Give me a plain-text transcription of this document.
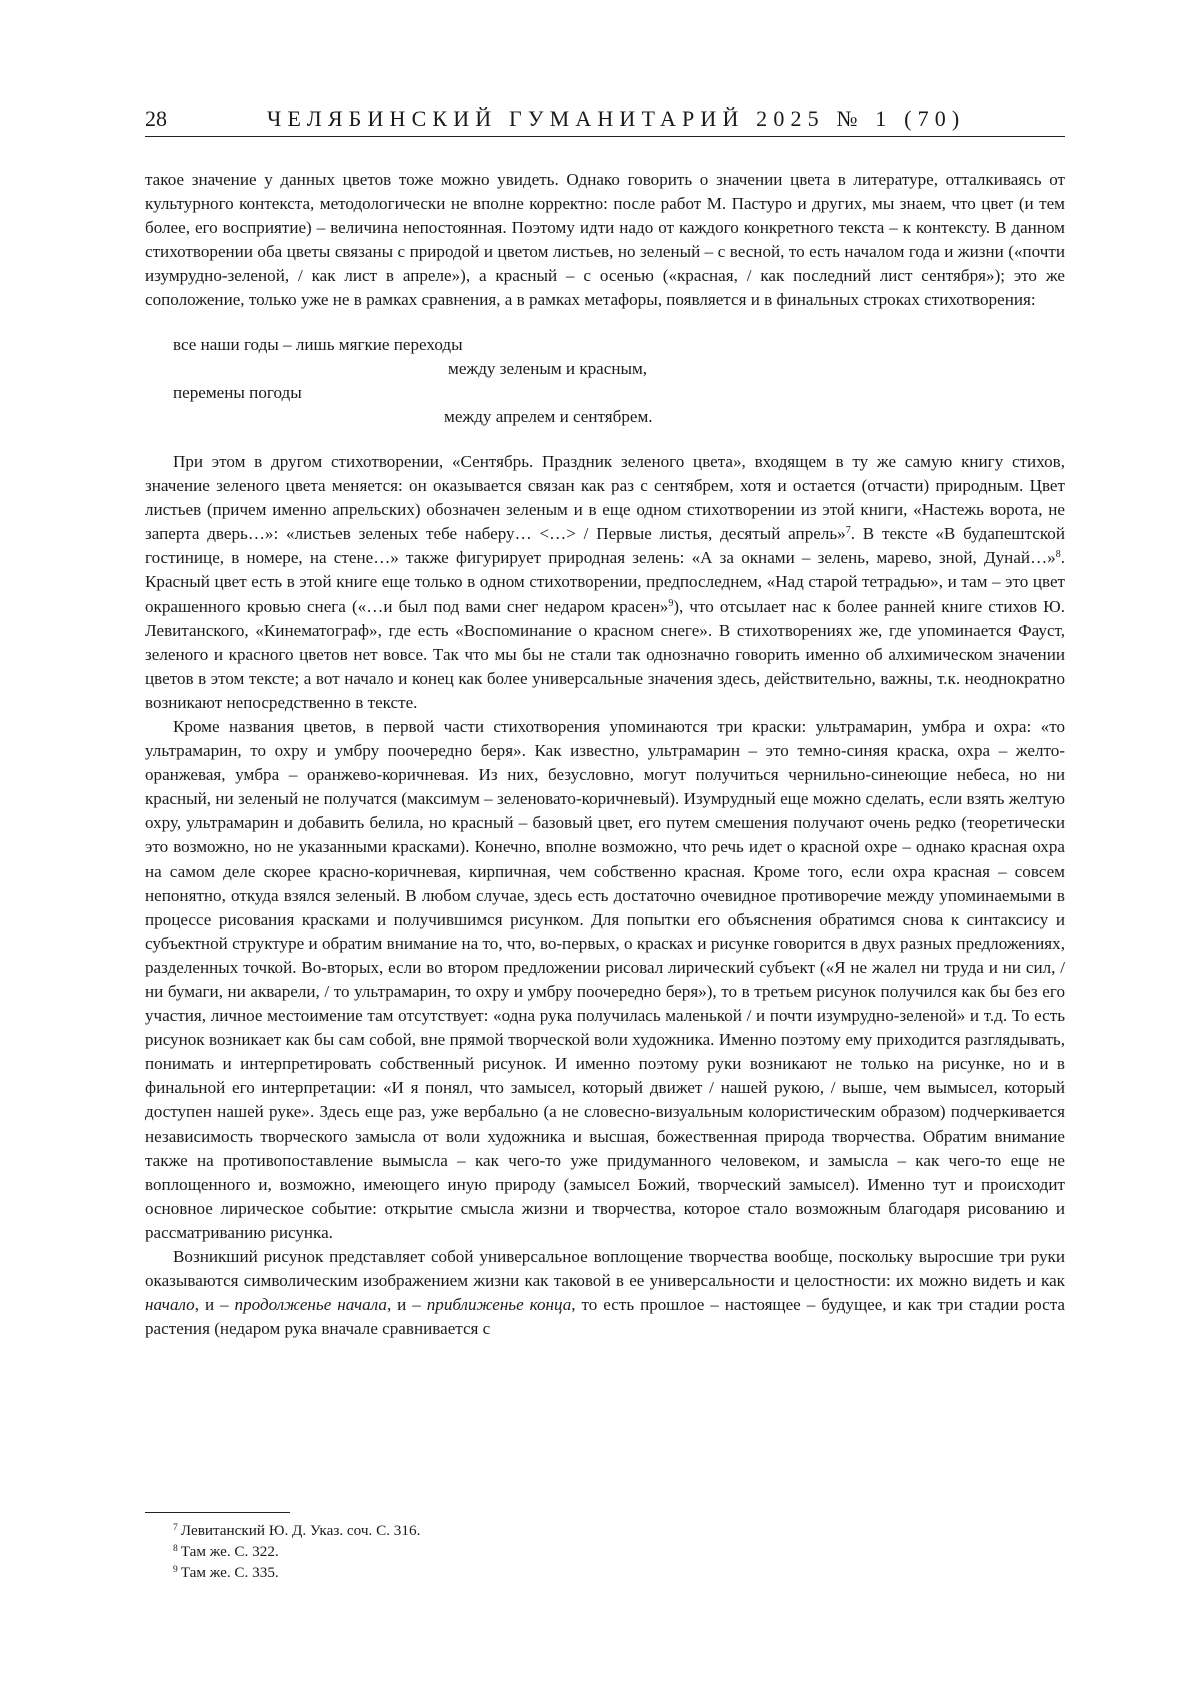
28	ЧЕЛЯБИНСКИЙ ГУМАНИТАРИЙ 2025 № 1 (70)

такое значение у данных цветов тоже можно увидеть. Однако говорить о значении цвета в литературе, отталкиваясь от культурного контекста, методологически не вполне корректно: после работ М. Пастуро и других, мы знаем, что цвет (и тем более, его восприятие) – величина непостоянная. Поэтому идти надо от каждого конкретного текста – к контексту. В данном стихотворении оба цветы связаны с природой и цветом листьев, но зеленый – с весной, то есть началом года и жизни («почти изумрудно-зеленой, / как лист в апреле»), а красный – с осенью («красная, / как последний лист сентября»); это же соположение, только уже не в рамках сравнения, а в рамках метафоры, появляется и в финальных строках стихотворения:

все наши годы – лишь мягкие переходы
между зеленым и красным,
перемены погоды
между апрелем и сентябрем.

При этом в другом стихотворении, «Сентябрь. Праздник зеленого цвета», входящем в ту же самую книгу стихов, значение зеленого цвета меняется: он оказывается связан как раз с сентябрем, хотя и остается (отчасти) природным. Цвет листьев (причем именно апрельских) обозначен зеленым и в еще одном стихотворении из этой книги, «Настежь ворота, не заперта дверь…»: «листьев зеленых тебе наберу… <…> / Первые листья, десятый апрель»$^7$. В тексте «В будапештской гостинице, в номере, на стене…» также фигурирует природная зелень: «А за окнами – зелень, марево, зной, Дунай…»$^8$. Красный цвет есть в этой книге еще только в одном стихотворении, предпоследнем, «Над старой тетрадью», и там – это цвет окрашенного кровью снега («…и был под вами снег недаром красен»$^9$), что отсылает нас к более ранней книге стихов Ю. Левитанского, «Кинематограф», где есть «Воспоминание о красном снеге». В стихотворениях же, где упоминается Фауст, зеленого и красного цветов нет вовсе. Так что мы бы не стали так однозначно говорить именно об алхимическом значении цветов в этом тексте; а вот начало и конец как более универсальные значения здесь, действительно, важны, т.к. неоднократно возникают непосредственно в тексте.

Кроме названия цветов, в первой части стихотворения упоминаются три краски: ультрамарин, умбра и охра: «то ультрамарин, то охру и умбру поочередно беря». Как известно, ультрамарин – это темно-синяя краска, охра – желто-оранжевая, умбра – оранжево-коричневая. Из них, безусловно, могут получиться чернильно-синеющие небеса, но ни красный, ни зеленый не получатся (максимум – зеленовато-коричневый). Изумрудный еще можно сделать, если взять желтую охру, ультрамарин и добавить белила, но красный – базовый цвет, его путем смешения получают очень редко (теоретически это возможно, но не указанными красками). Конечно, вполне возможно, что речь идет о красной охре – однако красная охра на самом деле скорее красно-коричневая, кирпичная, чем собственно красная. Кроме того, если охра красная – совсем непонятно, откуда взялся зеленый. В любом случае, здесь есть достаточно очевидное противоречие между упоминаемыми в процессе рисования красками и получившимся рисунком. Для попытки его объяснения обратимся снова к синтаксису и субъектной структуре и обратим внимание на то, что, во-первых, о красках и рисунке говорится в двух разных предложениях, разделенных точкой. Во-вторых, если во втором предложении рисовал лирический субъект («Я не жалел ни труда и ни сил, / ни бумаги, ни акварели, / то ультрамарин, то охру и умбру поочередно беря»), то в третьем рисунок получился как бы без его участия, личное местоимение там отсутствует: «одна рука получилась маленькой / и почти изумрудно-зеленой» и т.д. То есть рисунок возникает как бы сам собой, вне прямой творческой воли художника. Именно поэтому ему приходится разглядывать, понимать и интерпретировать собственный рисунок. И именно поэтому руки возникают не только на рисунке, но и в финальной его интерпретации: «И я понял, что замысел, который движет / нашей рукою, / выше, чем вымысел, который доступен нашей руке». Здесь еще раз, уже вербально (а не словесно-визуальным колористическим образом) подчеркивается независимость творческого замысла от воли художника и высшая, божественная природа творчества. Обратим внимание также на противопоставление вымысла – как чего-то уже придуманного человеком, и замысла – как чего-то еще не воплощенного и, возможно, имеющего иную природу (замысел Божий, творческий замысел). Именно тут и происходит основное лирическое событие: открытие смысла жизни и творчества, которое стало возможным благодаря рисованию и рассматриванию рисунка.

Возникший рисунок представляет собой универсальное воплощение творчества вообще, поскольку выросшие три руки оказываются символическим изображением жизни как таковой в ее универсальности и целостности: их можно видеть и как начало, и – продолженье начала, и – приближенье конца, то есть прошлое – настоящее – будущее, и как три стадии роста растения (недаром рука вначале сравнивается с

$^7$ Левитанский Ю. Д. Указ. соч. С. 316.
$^8$ Там же. С. 322.
$^9$ Там же. С. 335.
